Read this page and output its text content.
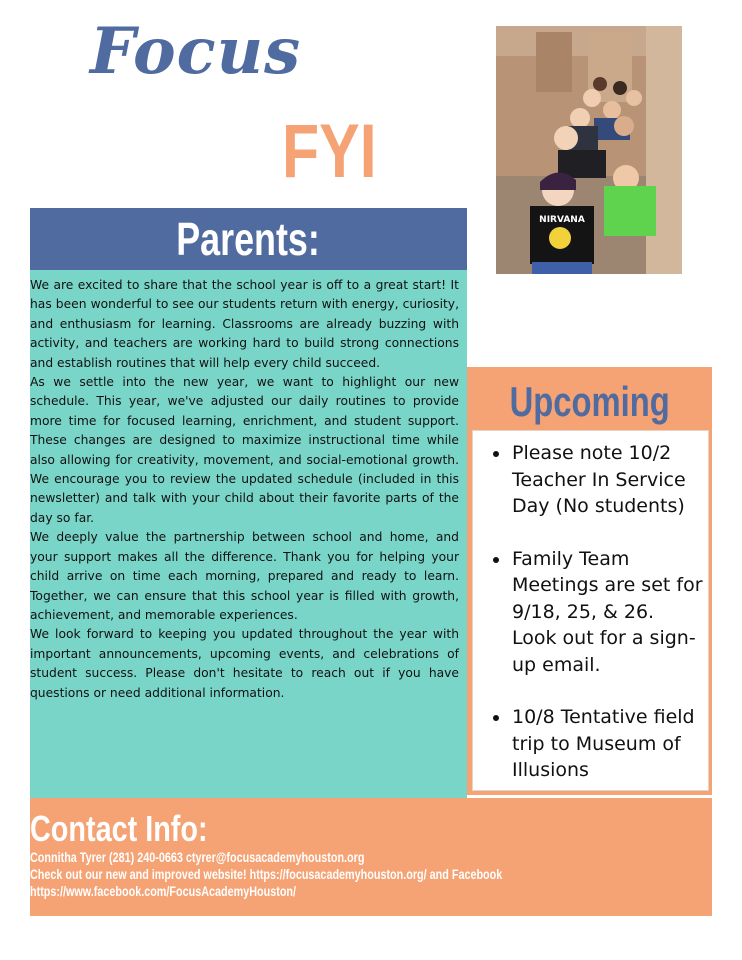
Focus
FYI
NIRVANA
Parents:

We are excited to share that the school year is off to a great start! It has been wonderful to see our students return with energy, curiosity, and enthusiasm for learning. Classrooms are already buzzing with activity, and teachers are working hard to build strong connections and establish routines that will help every child succeed.

As we settle into the new year, we want to highlight our new schedule. This year, we've adjusted our daily routines to provide more time for focused learning, enrichment, and student support. These changes are designed to maximize instructional time while also allowing for creativity, movement, and social-emotional growth. We encourage you to review the updated schedule (included in this newsletter) and talk with your child about their favorite parts of the day so far.

We deeply value the partnership between school and home, and your support makes all the difference. Thank you for helping your child arrive on time each morning, prepared and ready to learn. Together, we can ensure that this school year is filled with growth, achievement, and memorable experiences.

We look forward to keeping you updated throughout the year with important announcements, upcoming events, and celebrations of student success. Please don't hesitate to reach out if you have questions or need additional information.

Upcoming
Please note 10/2 Teacher In Service Day (No students)
Family Team Meetings are set for 9/18, 25, & 26. Look out for a sign-up email.
10/8 Tentative field trip to Museum of Illusions
Contact Info:
Connitha Tyrer (281) 240-0663 ctyrer@focusacademyhouston.org
Check out our new and improved website! https://focusacademyhouston.org/ and Facebook
https://www.facebook.com/FocusAcademyHouston/
